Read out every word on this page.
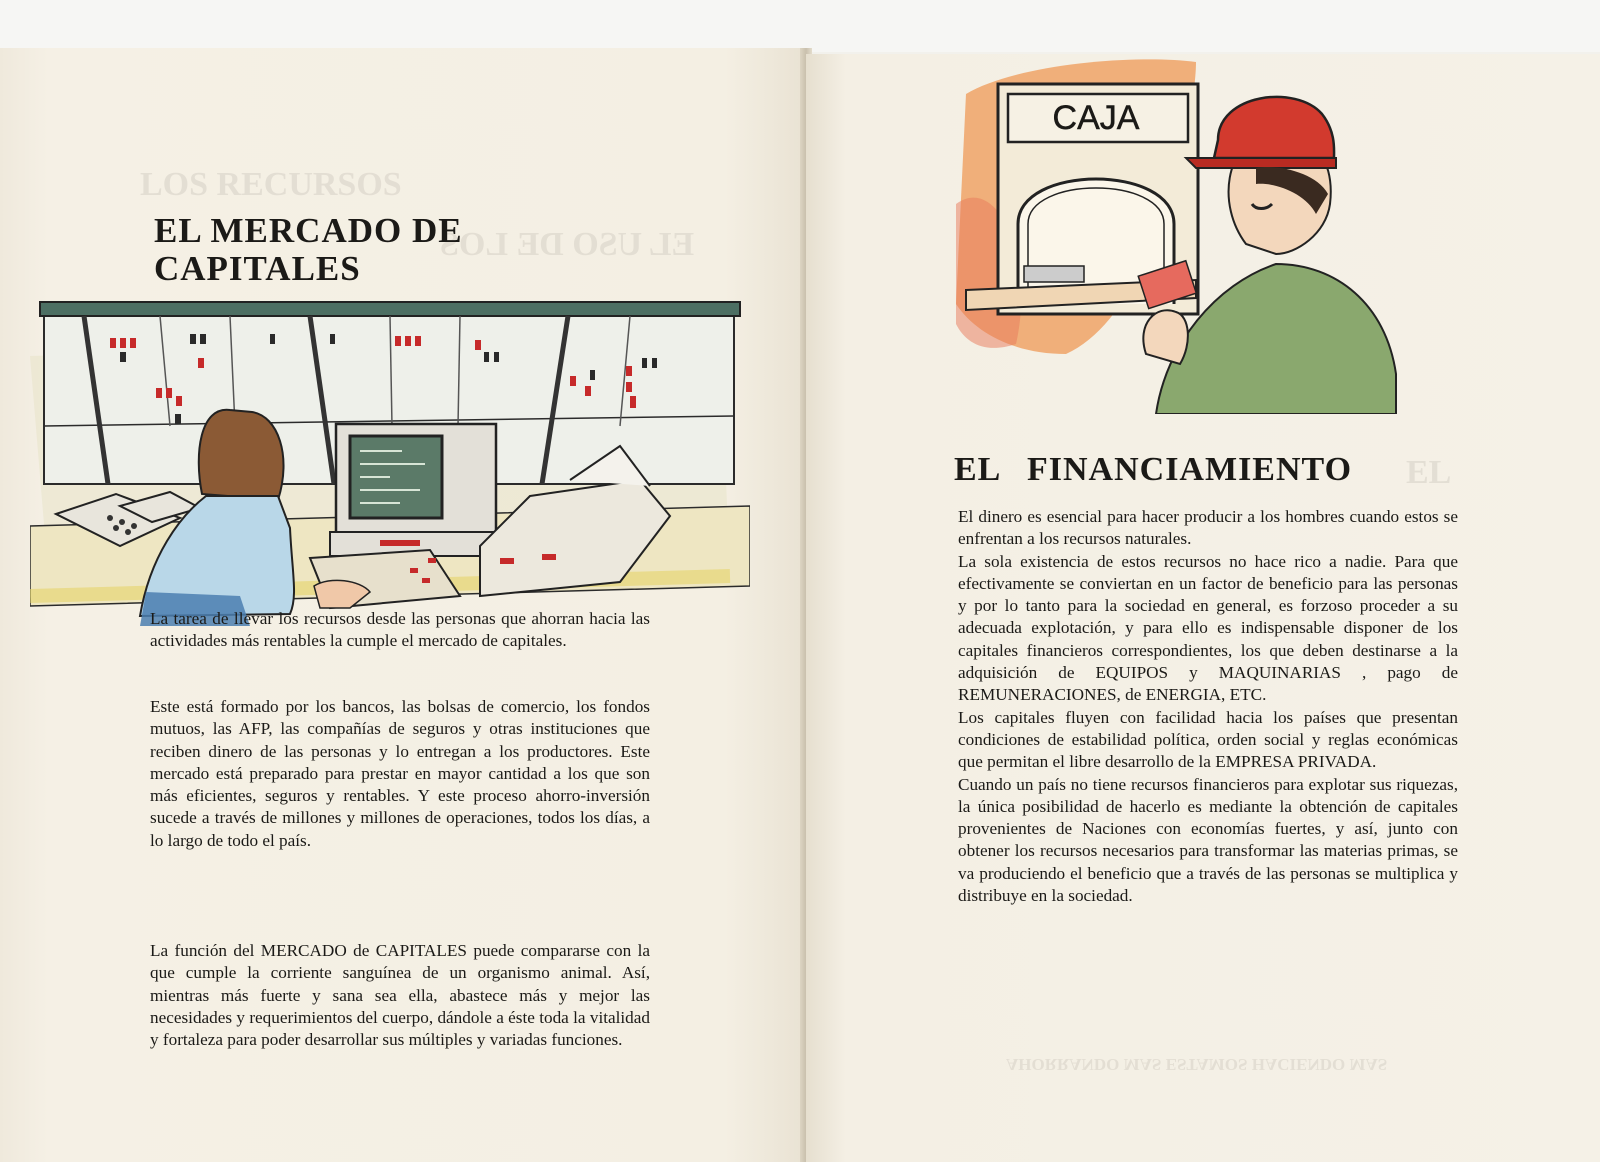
LOS RECURSOS
EL USO DE LOS
EL MERCADO DE CAPITALES

La tarea de llevar los recursos desde las personas que ahorran hacia las actividades más rentables la cumple el mercado de capitales.

Este está formado por los bancos, las bolsas de comercio, los fondos mutuos, las AFP, las compañías de seguros y otras instituciones que reciben dinero de las personas y lo entregan a los productores. Este mercado está preparado para prestar en mayor cantidad a los que son más eficientes, seguros y rentables. Y este proceso ahorro-inversión sucede a través de millones y millones de operaciones, todos los días, a lo largo de todo el país.

La función del MERCADO de CAPITALES puede compararse con la que cumple la corriente sanguínea de un organismo animal. Así, mientras más fuerte y sana sea ella, abastece más y mejor las necesidades y requerimientos del cuerpo, dándole a éste toda la vitalidad y fortaleza para poder desarrollar sus múltiples y variadas funciones.

EL
AHORRANDO MAS ESTAMOS HACIENDO MAS
CAJA
EL FINANCIAMIENTO

El dinero es esencial para hacer producir a los hombres cuando estos se enfrentan a los recursos naturales.

La sola existencia de estos recursos no hace rico a nadie. Para que efectivamente se conviertan en un factor de beneficio para las personas y por lo tanto para la sociedad en general, es forzoso proceder a su adecuada explotación, y para ello es indispensable disponer de los capitales financieros correspondientes, los que deben destinarse a la adquisición de EQUIPOS y MAQUINARIAS , pago de REMUNERACIONES, de ENERGIA, ETC.

Los capitales fluyen con facilidad hacia los países que presentan condiciones de estabilidad política, orden social y reglas económicas que permitan el libre desarrollo de la EMPRESA PRIVADA.

Cuando un país no tiene recursos financieros para explotar sus riquezas, la única posibilidad de hacerlo es mediante la obtención de capitales provenientes de Naciones con economías fuertes, y así, junto con obtener los recursos necesarios para transformar las materias primas, se va produciendo el beneficio que a través de las personas se multiplica y distribuye en la sociedad.
